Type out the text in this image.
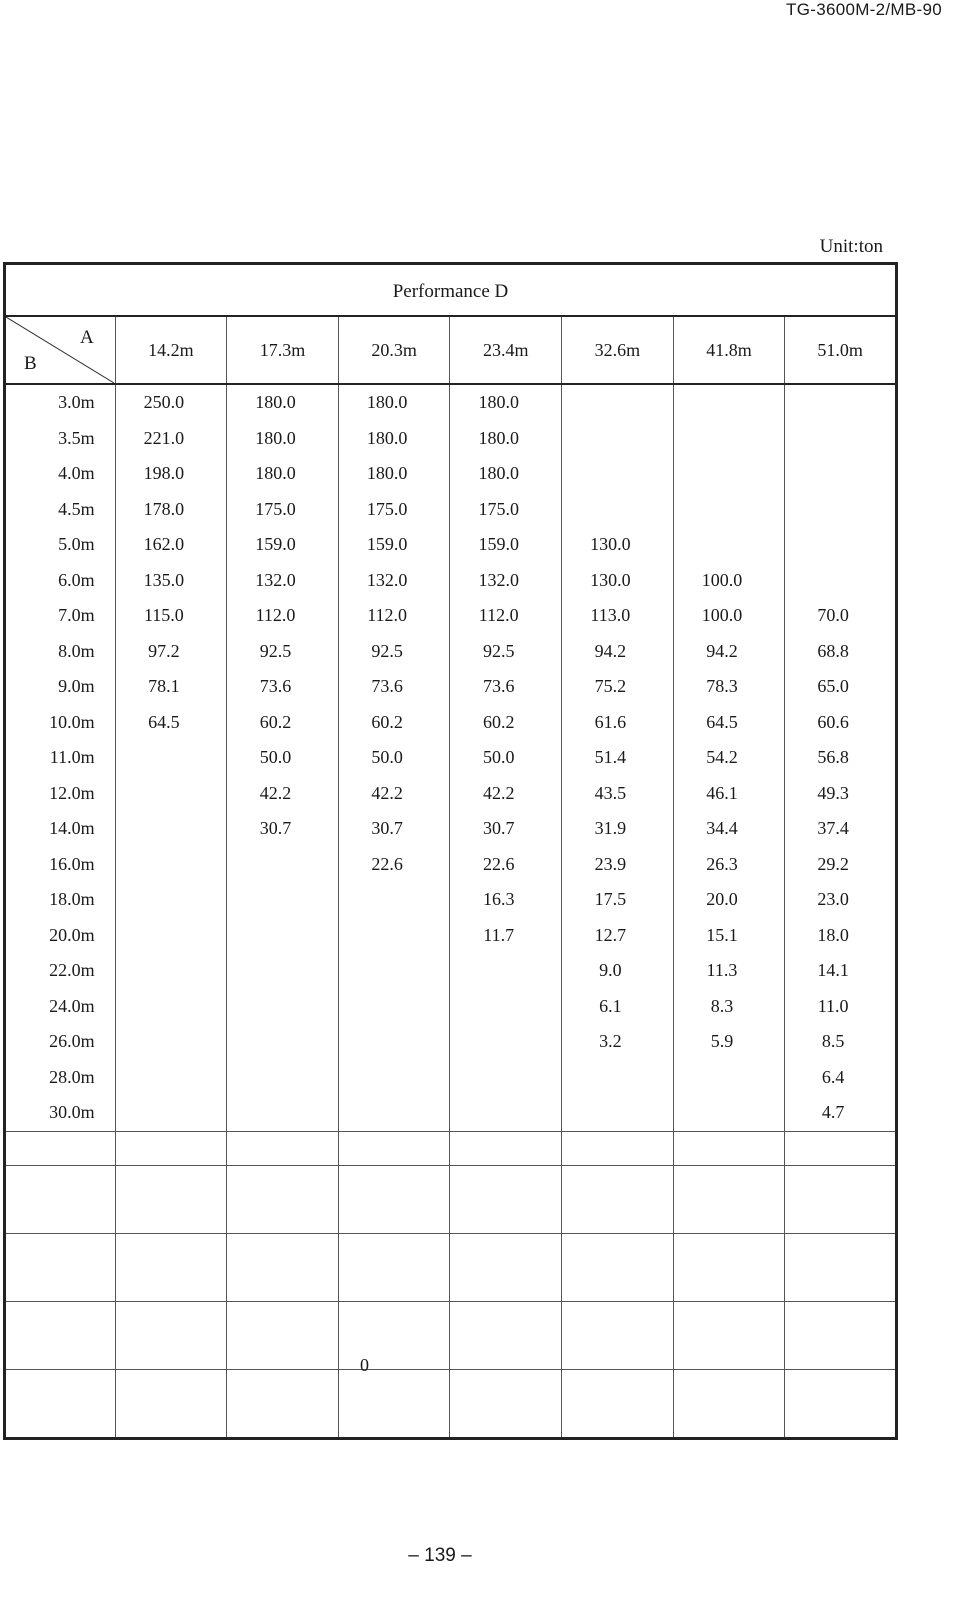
TG-3600M-2/MB-90
Unit:ton
Performance D							

A
B	14.2m	17.3m	20.3m	23.4m	32.6m	41.8m	51.0m
3.0m	250.0	180.0	180.0	180.0			
3.5m	221.0	180.0	180.0	180.0			
4.0m	198.0	180.0	180.0	180.0			
4.5m	178.0	175.0	175.0	175.0			
5.0m	162.0	159.0	159.0	159.0	130.0		
6.0m	135.0	132.0	132.0	132.0	130.0	100.0	
7.0m	115.0	112.0	112.0	112.0	113.0	100.0	70.0
8.0m	97.2	92.5	92.5	92.5	94.2	94.2	68.8
9.0m	78.1	73.6	73.6	73.6	75.2	78.3	65.0
10.0m	64.5	60.2	60.2	60.2	61.6	64.5	60.6
11.0m		50.0	50.0	50.0	51.4	54.2	56.8
12.0m		42.2	42.2	42.2	43.5	46.1	49.3
14.0m		30.7	30.7	30.7	31.9	34.4	37.4
16.0m			22.6	22.6	23.9	26.3	29.2
18.0m				16.3	17.5	20.0	23.0
20.0m				11.7	12.7	15.1	18.0
22.0m					9.0	11.3	14.1
24.0m					6.1	8.3	11.0
26.0m					3.2	5.9	8.5
28.0m							6.4
30.0m							4.7

0
– 139 –
